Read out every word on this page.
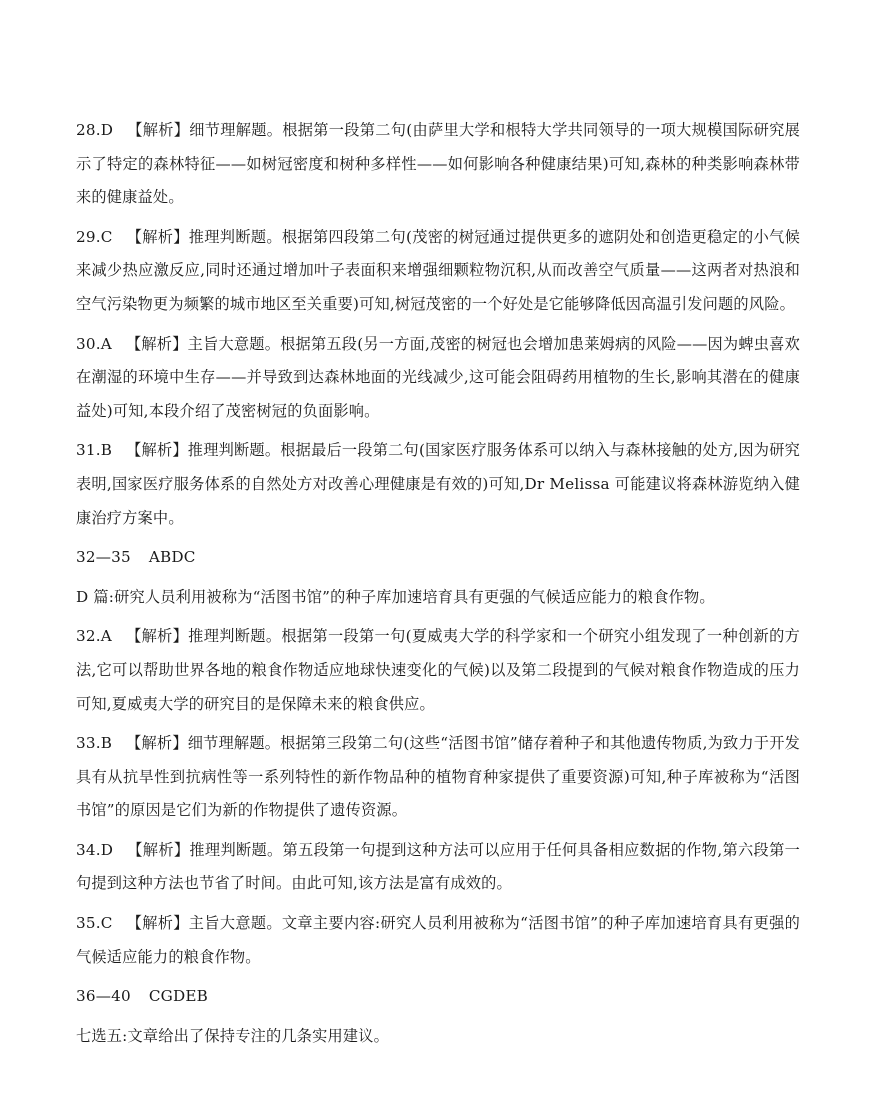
28.D 【解析】细节理解题。根据第一段第二句(由萨里大学和根特大学共同领导的一项大规模国际研究展示了特定的森林特征——如树冠密度和树种多样性——如何影响各种健康结果)可知,森林的种类影响森林带来的健康益处。

29.C 【解析】推理判断题。根据第四段第二句(茂密的树冠通过提供更多的遮阴处和创造更稳定的小气候来减少热应激反应,同时还通过增加叶子表面积来增强细颗粒物沉积,从而改善空气质量——这两者对热浪和空气污染物更为频繁的城市地区至关重要)可知,树冠茂密的一个好处是它能够降低因高温引发问题的风险。

30.A 【解析】主旨大意题。根据第五段(另一方面,茂密的树冠也会增加患莱姆病的风险——因为蜱虫喜欢在潮湿的环境中生存——并导致到达森林地面的光线减少,这可能会阻碍药用植物的生长,影响其潜在的健康益处)可知,本段介绍了茂密树冠的负面影响。

31.B 【解析】推理判断题。根据最后一段第二句(国家医疗服务体系可以纳入与森林接触的处方,因为研究表明,国家医疗服务体系的自然处方对改善心理健康是有效的)可知,Dr Melissa 可能建议将森林游览纳入健康治疗方案中。

32—35 ABDC

D 篇:研究人员利用被称为“活图书馆”的种子库加速培育具有更强的气候适应能力的粮食作物。

32.A 【解析】推理判断题。根据第一段第一句(夏威夷大学的科学家和一个研究小组发现了一种创新的方法,它可以帮助世界各地的粮食作物适应地球快速变化的气候)以及第二段提到的气候对粮食作物造成的压力可知,夏威夷大学的研究目的是保障未来的粮食供应。

33.B 【解析】细节理解题。根据第三段第二句(这些“活图书馆”储存着种子和其他遗传物质,为致力于开发具有从抗旱性到抗病性等一系列特性的新作物品种的植物育种家提供了重要资源)可知,种子库被称为“活图书馆”的原因是它们为新的作物提供了遗传资源。

34.D 【解析】推理判断题。第五段第一句提到这种方法可以应用于任何具备相应数据的作物,第六段第一句提到这种方法也节省了时间。由此可知,该方法是富有成效的。

35.C 【解析】主旨大意题。文章主要内容:研究人员利用被称为“活图书馆”的种子库加速培育具有更强的气候适应能力的粮食作物。

36—40 CGDEB

七选五:文章给出了保持专注的几条实用建议。
